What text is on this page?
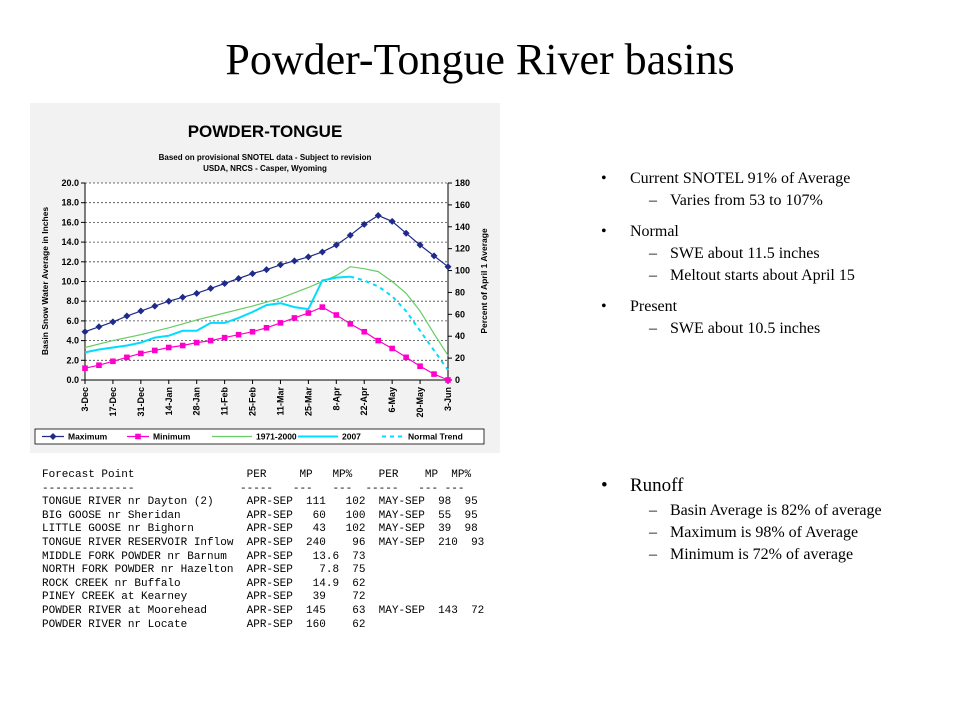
Powder-Tongue River basins
0.0
2.0
4.0
6.0
8.0
10.0
12.0
14.0
16.0
18.0
20.0
0
20
40
60
80
100
120
140
160
180
3-Dec 17-Dec 31-Dec 14-Jan 28-Jan 11-Feb 25-Feb 11-Mar 25-Mar 8-Apr 22-Apr 6-May 20-May 3-Jun
POWDER-TONGUE
Based on provisional SNOTEL data - Subject to revision
USDA, NRCS - Casper, Wyoming
Basin Snow Water Average in Inches	Percent of April 1 Average
Maximum	Minimum	1971-2000	2007	Normal Trend
• Current SNOTEL 91% of Average
– Varies from 53 to 107%
• Normal
– SWE about 11.5 inches
– Meltout starts about April 15
• Present
– SWE about 10.5 inches
• Runoff
– Basin Average is 82% of average
– Maximum is 98% of Average
– Minimum is 72% of average
Forecast Point                 PER     MP   MP%    PER    MP  MP%
--------------                -----   ---   ---  -----   --- ---
TONGUE RIVER nr Dayton (2)     APR-SEP  111   102  MAY-SEP  98  95
BIG GOOSE nr Sheridan          APR-SEP   60   100  MAY-SEP  55  95
LITTLE GOOSE nr Bighorn        APR-SEP   43   102  MAY-SEP  39  98
TONGUE RIVER RESERVOIR Inflow  APR-SEP  240    96  MAY-SEP  210  93
MIDDLE FORK POWDER nr Barnum   APR-SEP   13.6  73
NORTH FORK POWDER nr Hazelton  APR-SEP    7.8  75
ROCK CREEK nr Buffalo          APR-SEP   14.9  62
PINEY CREEK at Kearney         APR-SEP   39    72
POWDER RIVER at Moorehead      APR-SEP  145    63  MAY-SEP  143  72
POWDER RIVER nr Locate         APR-SEP  160    62
